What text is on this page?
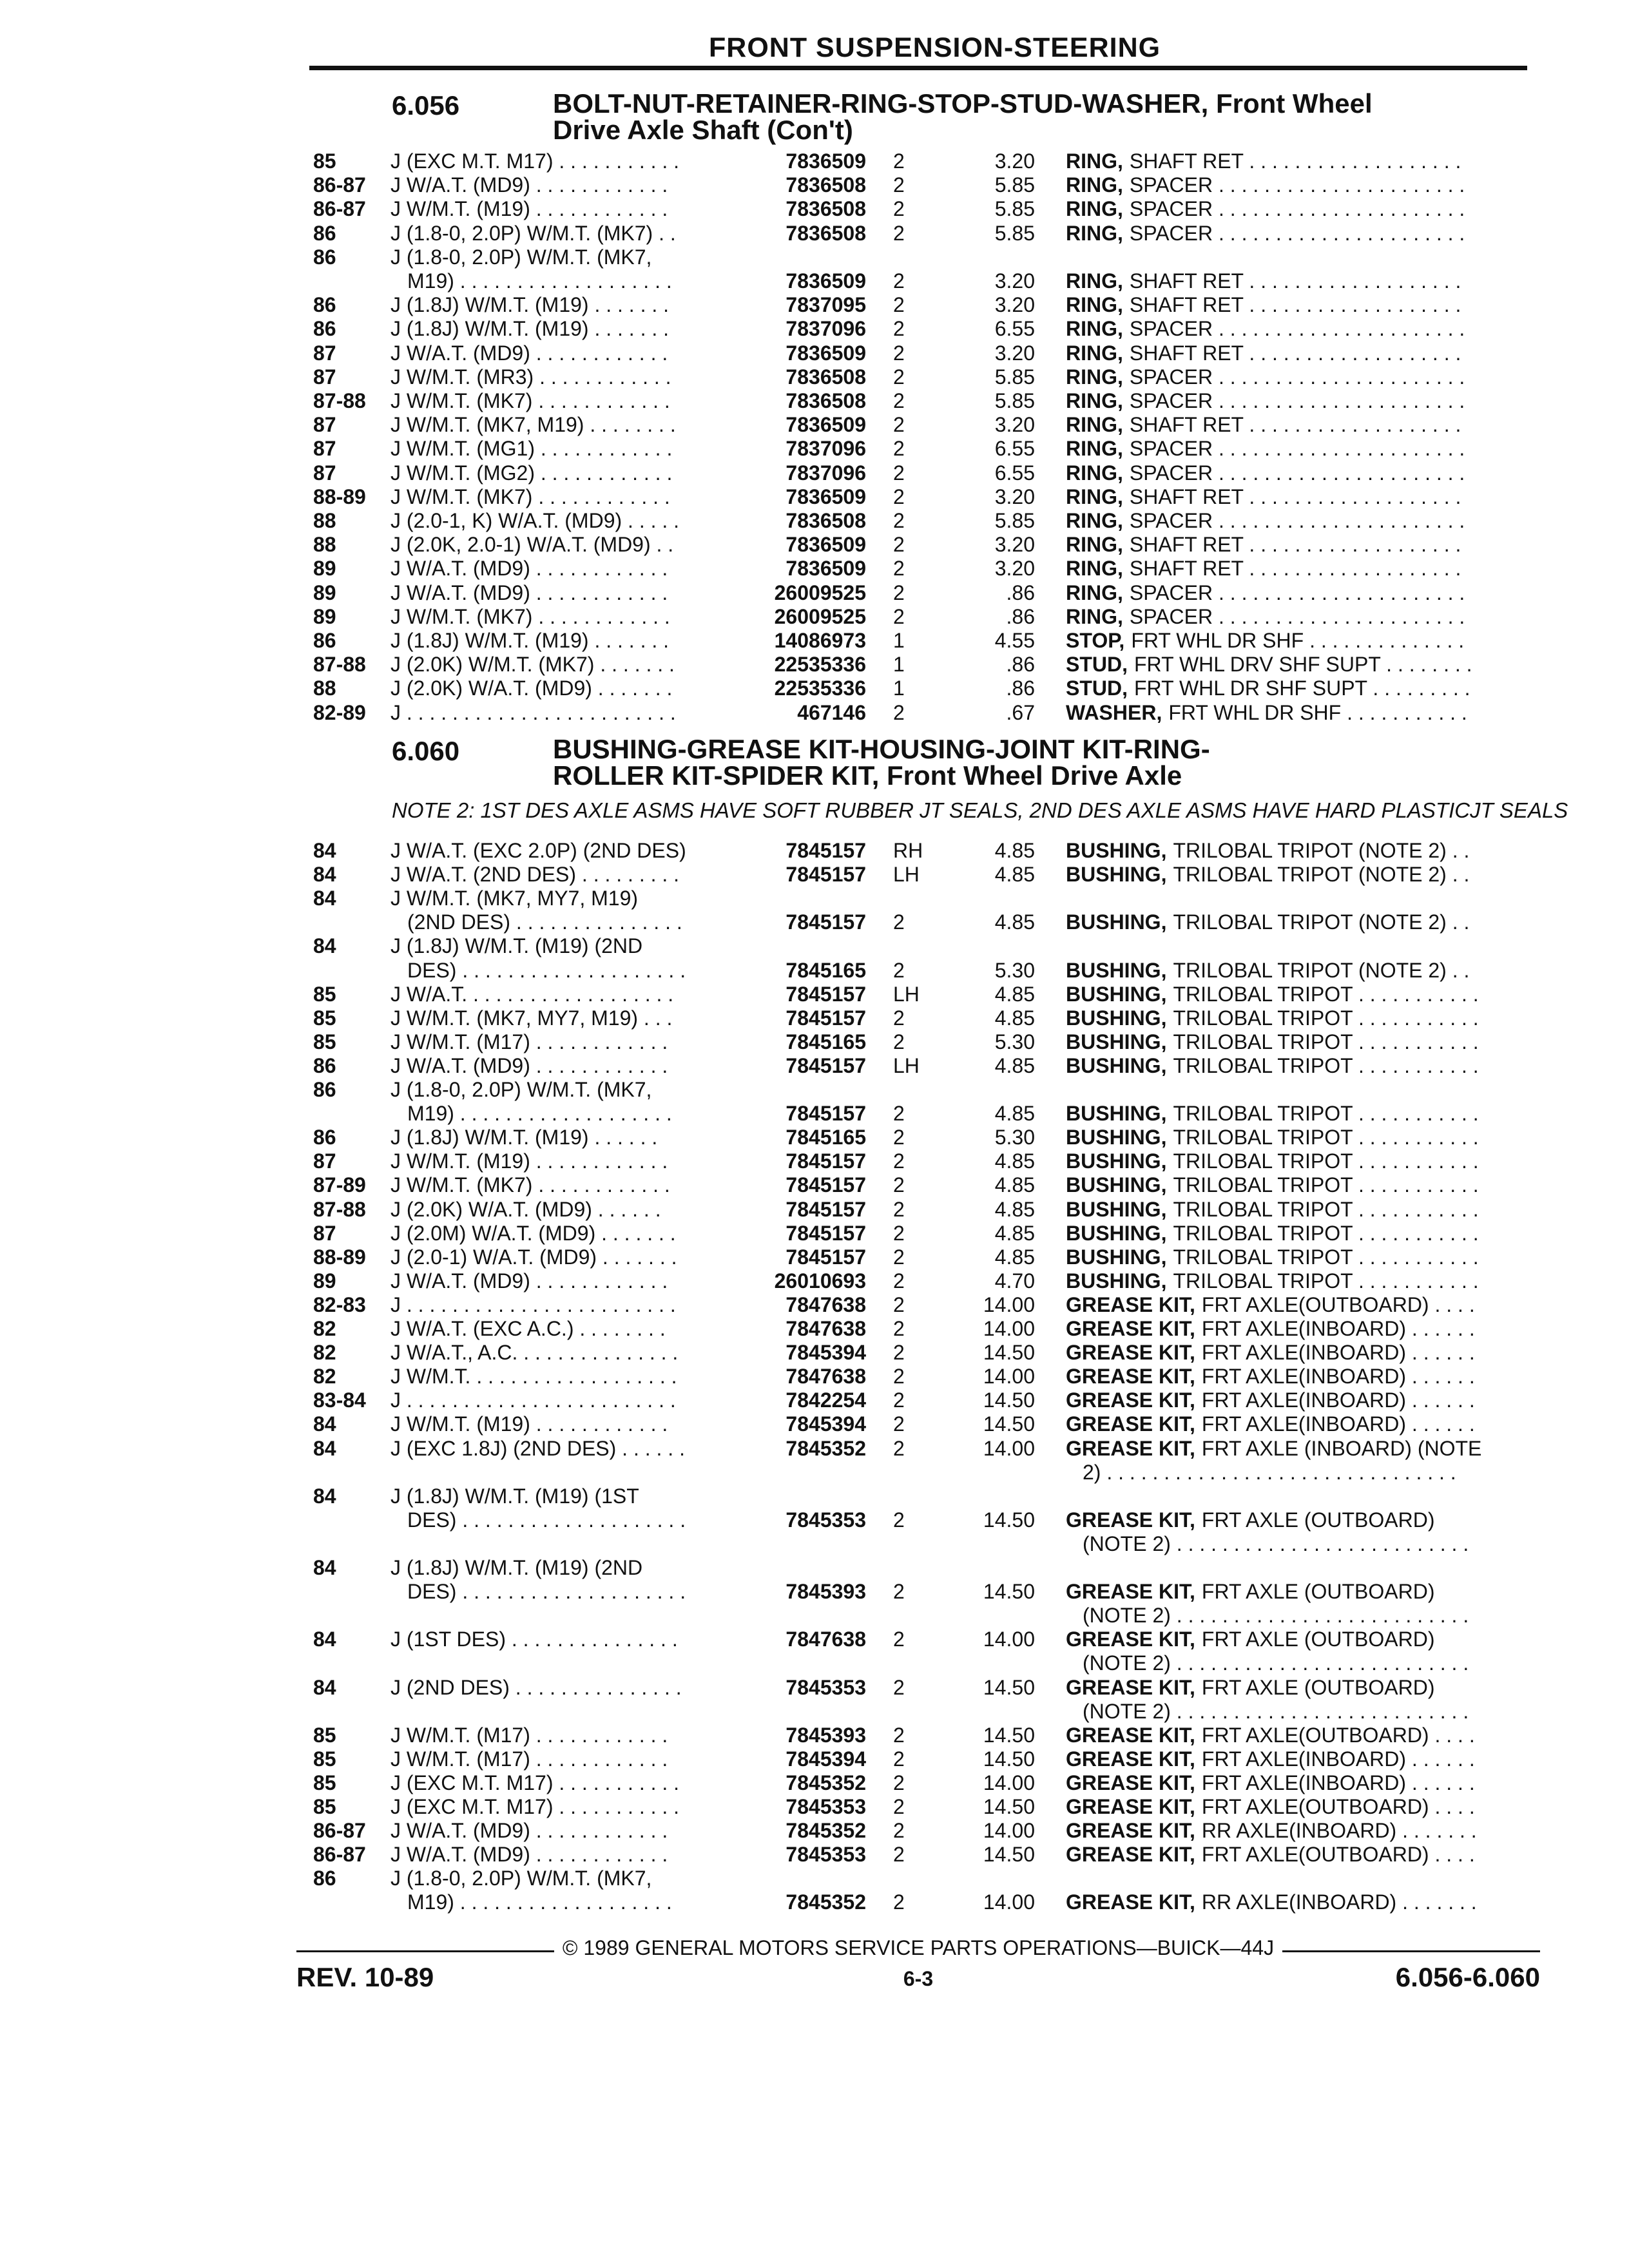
FRONT SUSPENSION-STEERING
6.056	BOLT-NUT-RETAINER-RING-STOP-STUD-WASHER, Front Wheel
Drive Axle Shaft (Con't)
85	J (EXC M.T. M17) . . . . . . . . . . .	7836509 2	3.20 RING, SHAFT RET . . . . . . . . . . . . . . . . . . .
86-87 J W/A.T. (MD9) . . . . . . . . . . . .	7836508 2	5.85 RING, SPACER . . . . . . . . . . . . . . . . . . . . . .
86-87 J W/M.T. (M19) . . . . . . . . . . . .	7836508 2	5.85 RING, SPACER . . . . . . . . . . . . . . . . . . . . . .
86	J (1.8-0, 2.0P) W/M.T. (MK7) . .	7836508 2	5.85 RING, SPACER . . . . . . . . . . . . . . . . . . . . . .
86	J (1.8-0, 2.0P) W/M.T. (MK7,
M19) . . . . . . . . . . . . . . . . . . .	7836509 2	3.20 RING, SHAFT RET . . . . . . . . . . . . . . . . . . .
86	J (1.8J) W/M.T. (M19) . . . . . . .	7837095 2	3.20 RING, SHAFT RET . . . . . . . . . . . . . . . . . . .
86	J (1.8J) W/M.T. (M19) . . . . . . .	7837096 2	6.55 RING, SPACER . . . . . . . . . . . . . . . . . . . . . .
87	J W/A.T. (MD9) . . . . . . . . . . . .	7836509 2	3.20 RING, SHAFT RET . . . . . . . . . . . . . . . . . . .
87	J W/M.T. (MR3) . . . . . . . . . . . .	7836508 2	5.85 RING, SPACER . . . . . . . . . . . . . . . . . . . . . .
87-88 J W/M.T. (MK7) . . . . . . . . . . . .	7836508 2	5.85 RING, SPACER . . . . . . . . . . . . . . . . . . . . . .
87	J W/M.T. (MK7, M19) . . . . . . . .	7836509 2	3.20 RING, SHAFT RET . . . . . . . . . . . . . . . . . . .
87	J W/M.T. (MG1) . . . . . . . . . . . .	7837096 2	6.55 RING, SPACER . . . . . . . . . . . . . . . . . . . . . .
87	J W/M.T. (MG2) . . . . . . . . . . . .	7837096 2	6.55 RING, SPACER . . . . . . . . . . . . . . . . . . . . . .
88-89 J W/M.T. (MK7) . . . . . . . . . . . .	7836509 2	3.20 RING, SHAFT RET . . . . . . . . . . . . . . . . . . .
88	J (2.0-1, K) W/A.T. (MD9) . . . . .	7836508 2	5.85 RING, SPACER . . . . . . . . . . . . . . . . . . . . . .
88	J (2.0K, 2.0-1) W/A.T. (MD9) . .	7836509 2	3.20 RING, SHAFT RET . . . . . . . . . . . . . . . . . . .
89	J W/A.T. (MD9) . . . . . . . . . . . .	7836509 2	3.20 RING, SHAFT RET . . . . . . . . . . . . . . . . . . .
89	J W/A.T. (MD9) . . . . . . . . . . . .	26009525 2	.86 RING, SPACER . . . . . . . . . . . . . . . . . . . . . .
89	J W/M.T. (MK7) . . . . . . . . . . . .	26009525 2	.86 RING, SPACER . . . . . . . . . . . . . . . . . . . . . .
86	J (1.8J) W/M.T. (M19) . . . . . . .	14086973 1	4.55 STOP, FRT WHL DR SHF . . . . . . . . . . . . . .
87-88 J (2.0K) W/M.T. (MK7) . . . . . . .	22535336 1	.86 STUD, FRT WHL DRV SHF SUPT . . . . . . . .
88	J (2.0K) W/A.T. (MD9) . . . . . . .	22535336 1	.86 STUD, FRT WHL DR SHF SUPT . . . . . . . . .
82-89 J . . . . . . . . . . . . . . . . . . . . . . . .	467146 2	.67 WASHER, FRT WHL DR SHF . . . . . . . . . . .
6.060	BUSHING-GREASE KIT-HOUSING-JOINT KIT-RING-
ROLLER KIT-SPIDER KIT, Front Wheel Drive Axle
NOTE 2: 1ST DES AXLE ASMS HAVE SOFT RUBBER JT SEALS, 2ND DES AXLE ASMS HAVE HARD PLASTICJT SEALS
84	J W/A.T. (EXC 2.0P) (2ND DES)	7845157 RH	4.85 BUSHING, TRILOBAL TRIPOT (NOTE 2) . .
84	J W/A.T. (2ND DES) . . . . . . . . .	7845157 LH	4.85 BUSHING, TRILOBAL TRIPOT (NOTE 2) . .
84	J W/M.T. (MK7, MY7, M19)
(2ND DES) . . . . . . . . . . . . . . .	7845157 2	4.85 BUSHING, TRILOBAL TRIPOT (NOTE 2) . .
84	J (1.8J) W/M.T. (M19) (2ND
DES) . . . . . . . . . . . . . . . . . . . .	7845165 2	5.30 BUSHING, TRILOBAL TRIPOT (NOTE 2) . .
85	J W/A.T. . . . . . . . . . . . . . . . . . .	7845157 LH	4.85 BUSHING, TRILOBAL TRIPOT . . . . . . . . . . .
85	J W/M.T. (MK7, MY7, M19) . . .	7845157 2	4.85 BUSHING, TRILOBAL TRIPOT . . . . . . . . . . .
85	J W/M.T. (M17) . . . . . . . . . . . .	7845165 2	5.30 BUSHING, TRILOBAL TRIPOT . . . . . . . . . . .
86	J W/A.T. (MD9) . . . . . . . . . . . .	7845157 LH	4.85 BUSHING, TRILOBAL TRIPOT . . . . . . . . . . .
86	J (1.8-0, 2.0P) W/M.T. (MK7,
M19) . . . . . . . . . . . . . . . . . . .	7845157 2	4.85 BUSHING, TRILOBAL TRIPOT . . . . . . . . . . .
86	J (1.8J) W/M.T. (M19) . . . . . .	7845165 2	5.30 BUSHING, TRILOBAL TRIPOT . . . . . . . . . . .
87	J W/M.T. (M19) . . . . . . . . . . . .	7845157 2	4.85 BUSHING, TRILOBAL TRIPOT . . . . . . . . . . .
87-89 J W/M.T. (MK7) . . . . . . . . . . . .	7845157 2	4.85 BUSHING, TRILOBAL TRIPOT . . . . . . . . . . .
87-88 J (2.0K) W/A.T. (MD9) . . . . . .	7845157 2	4.85 BUSHING, TRILOBAL TRIPOT . . . . . . . . . . .
87	J (2.0M) W/A.T. (MD9) . . . . . . .	7845157 2	4.85 BUSHING, TRILOBAL TRIPOT . . . . . . . . . . .
88-89 J (2.0-1) W/A.T. (MD9) . . . . . . .	7845157 2	4.85 BUSHING, TRILOBAL TRIPOT . . . . . . . . . . .
89	J W/A.T. (MD9) . . . . . . . . . . . .	26010693 2	4.70 BUSHING, TRILOBAL TRIPOT . . . . . . . . . . .
82-83 J . . . . . . . . . . . . . . . . . . . . . . . .	7847638 2	14.00 GREASE KIT, FRT AXLE(OUTBOARD) . . . .
82	J W/A.T. (EXC A.C.) . . . . . . . .	7847638 2	14.00 GREASE KIT, FRT AXLE(INBOARD) . . . . . .
82	J W/A.T., A.C. . . . . . . . . . . . . . .	7845394 2	14.50 GREASE KIT, FRT AXLE(INBOARD) . . . . . .
82	J W/M.T. . . . . . . . . . . . . . . . . . .	7847638 2	14.00 GREASE KIT, FRT AXLE(INBOARD) . . . . . .
83-84 J . . . . . . . . . . . . . . . . . . . . . . . .	7842254 2	14.50 GREASE KIT, FRT AXLE(INBOARD) . . . . . .
84	J W/M.T. (M19) . . . . . . . . . . . .	7845394 2	14.50 GREASE KIT, FRT AXLE(INBOARD) . . . . . .
84	J (EXC 1.8J) (2ND DES) . . . . . .	7845352 2	14.00 GREASE KIT, FRT AXLE (INBOARD) (NOTE
2) . . . . . . . . . . . . . . . . . . . . . . . . . . . . . . .
84	J (1.8J) W/M.T. (M19) (1ST
DES) . . . . . . . . . . . . . . . . . . . .	7845353 2	14.50 GREASE KIT, FRT AXLE (OUTBOARD)
(NOTE 2) . . . . . . . . . . . . . . . . . . . . . . . . . .
84	J (1.8J) W/M.T. (M19) (2ND
DES) . . . . . . . . . . . . . . . . . . . .	7845393 2	14.50 GREASE KIT, FRT AXLE (OUTBOARD)
(NOTE 2) . . . . . . . . . . . . . . . . . . . . . . . . . .
84	J (1ST DES) . . . . . . . . . . . . . . .	7847638 2	14.00 GREASE KIT, FRT AXLE (OUTBOARD)
(NOTE 2) . . . . . . . . . . . . . . . . . . . . . . . . . .
84	J (2ND DES) . . . . . . . . . . . . . . .	7845353 2	14.50 GREASE KIT, FRT AXLE (OUTBOARD)
(NOTE 2) . . . . . . . . . . . . . . . . . . . . . . . . . .
85	J W/M.T. (M17) . . . . . . . . . . . .	7845393 2	14.50 GREASE KIT, FRT AXLE(OUTBOARD) . . . .
85	J W/M.T. (M17) . . . . . . . . . . . .	7845394 2	14.50 GREASE KIT, FRT AXLE(INBOARD) . . . . . .
85	J (EXC M.T. M17) . . . . . . . . . . .	7845352 2	14.00 GREASE KIT, FRT AXLE(INBOARD) . . . . . .
85	J (EXC M.T. M17) . . . . . . . . . . .	7845353 2	14.50 GREASE KIT, FRT AXLE(OUTBOARD) . . . .
86-87 J W/A.T. (MD9) . . . . . . . . . . . .	7845352 2	14.00 GREASE KIT, RR AXLE(INBOARD) . . . . . . .
86-87 J W/A.T. (MD9) . . . . . . . . . . . .	7845353 2	14.50 GREASE KIT, FRT AXLE(OUTBOARD) . . . .
86	J (1.8-0, 2.0P) W/M.T. (MK7,
M19) . . . . . . . . . . . . . . . . . . .	7845352 2	14.00 GREASE KIT, RR AXLE(INBOARD) . . . . . . .
© 1989 GENERAL MOTORS SERVICE PARTS OPERATIONS—BUICK—44J
REV. 10-89	6-3	6.056-6.060
